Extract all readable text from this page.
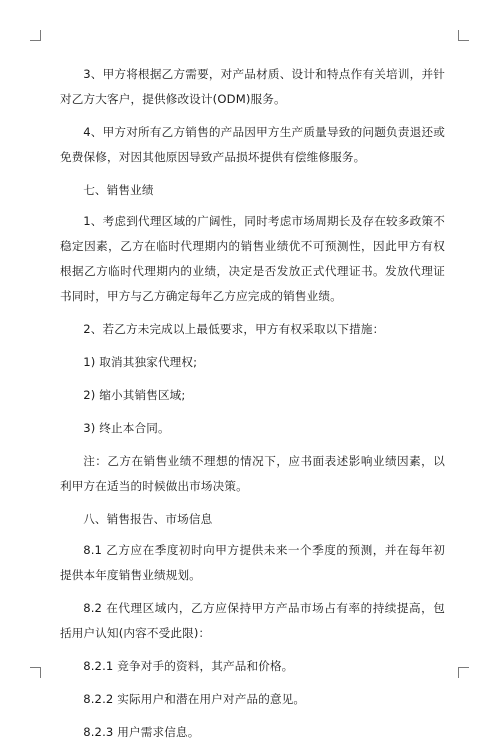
3、甲方将根据乙方需要，对产品材质、设计和特点作有关培训，并针对乙方大客户，提供修改设计(ODM)服务。

4、甲方对所有乙方销售的产品因甲方生产质量导致的问题负责退还或免费保修，对因其他原因导致产品损坏提供有偿维修服务。

七、销售业绩

1、考虑到代理区域的广阔性，同时考虑市场周期长及存在较多政策不稳定因素，乙方在临时代理期内的销售业绩优不可预测性，因此甲方有权根据乙方临时代理期内的业绩，决定是否发放正式代理证书。发放代理证书同时，甲方与乙方确定每年乙方应完成的销售业绩。

2、若乙方未完成以上最低要求，甲方有权采取以下措施：

1) 取消其独家代理权;

2) 缩小其销售区域;

3) 终止本合同。

注：乙方在销售业绩不理想的情况下，应书面表述影响业绩因素，以利甲方在适当的时候做出市场决策。

八、销售报告、市场信息

8.1 乙方应在季度初时向甲方提供未来一个季度的预测，并在每年初提供本年度销售业绩规划。

8.2 在代理区域内，乙方应保持甲方产品市场占有率的持续提高，包括用户认知(内容不受此限)：

8.2.1 竞争对手的资料，其产品和价格。

8.2.2 实际用户和潜在用户对产品的意见。

8.2.3 用户需求信息。
